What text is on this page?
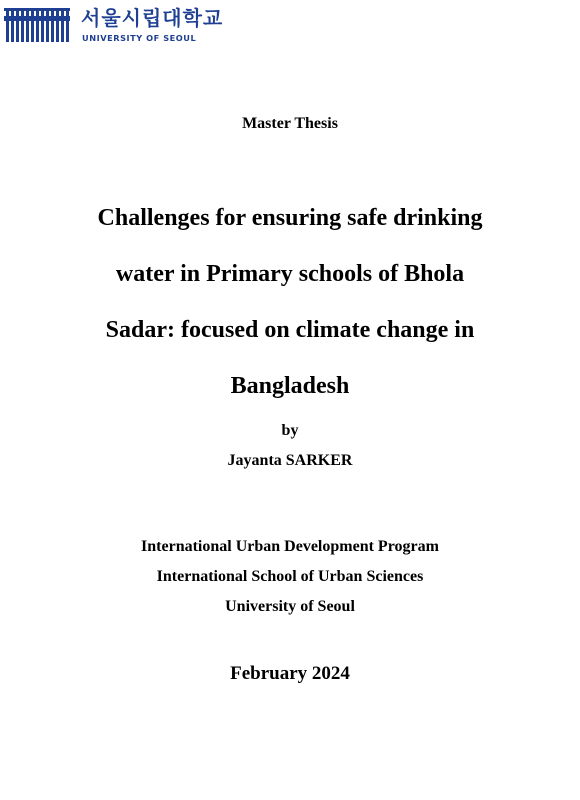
서울시립대학교
UNIVERSITY OF SEOUL
Master Thesis
Challenges for ensuring safe drinking
water in Primary schools of Bhola
Sadar: focused on climate change in
Bangladesh
by
Jayanta SARKER
International Urban Development Program
International School of Urban Sciences
University of Seoul
February 2024
